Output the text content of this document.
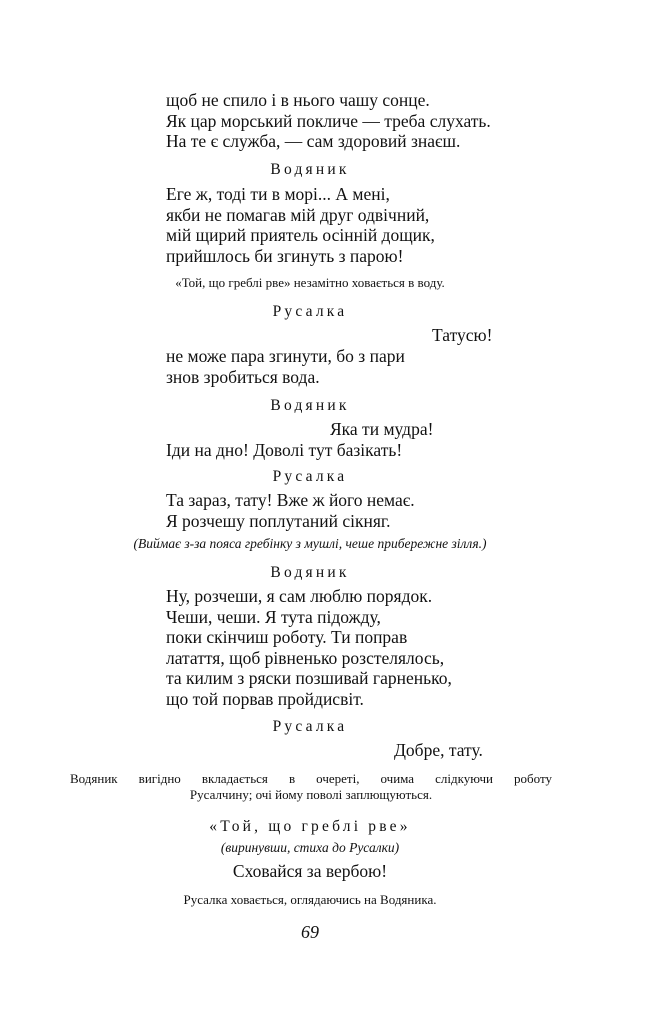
щоб не спило і в нього чашу сонце.
Як цар морський покличе — треба слухать.
На те є служба, — сам здоровий знаєш.
Водяник
Еге ж, тоді ти в морі... А мені,
якби не помагав мій друг одвічний,
мій щирий приятель осінній дощик,
прийшлось би згинуть з парою!
«Той, що греблі рве» незамітно ховається в воду.
Русалка
Татусю!
не може пара згинути, бо з пари
знов зробиться вода.
Водяник
Яка ти мудра!
Іди на дно! Доволі тут базікать!
Русалка
Та зараз, тату! Вже ж його немає.
Я розчешу поплутаний сікняг.
(Виймає з-за пояса гребінку з мушлі, чеше прибережне зілля.)
Водяник
Ну, розчеши, я сам люблю порядок.
Чеши, чеши. Я тута підожду,
поки скінчиш роботу. Ти поправ
латаття, щоб рівненько розстелялось,
та килим з ряски позшивай гарненько,
що той порвав пройдисвіт.
Русалка
Добре, тату.
Водяник вигідно вкладається в очереті, очима слідкуючи роботу
Русалчину; очі йому поволі заплющуються.
«Той, що греблі рве»
(виринувши, стиха до Русалки)
Сховайся за вербою!
Русалка ховається, оглядаючись на Водяника.
69
